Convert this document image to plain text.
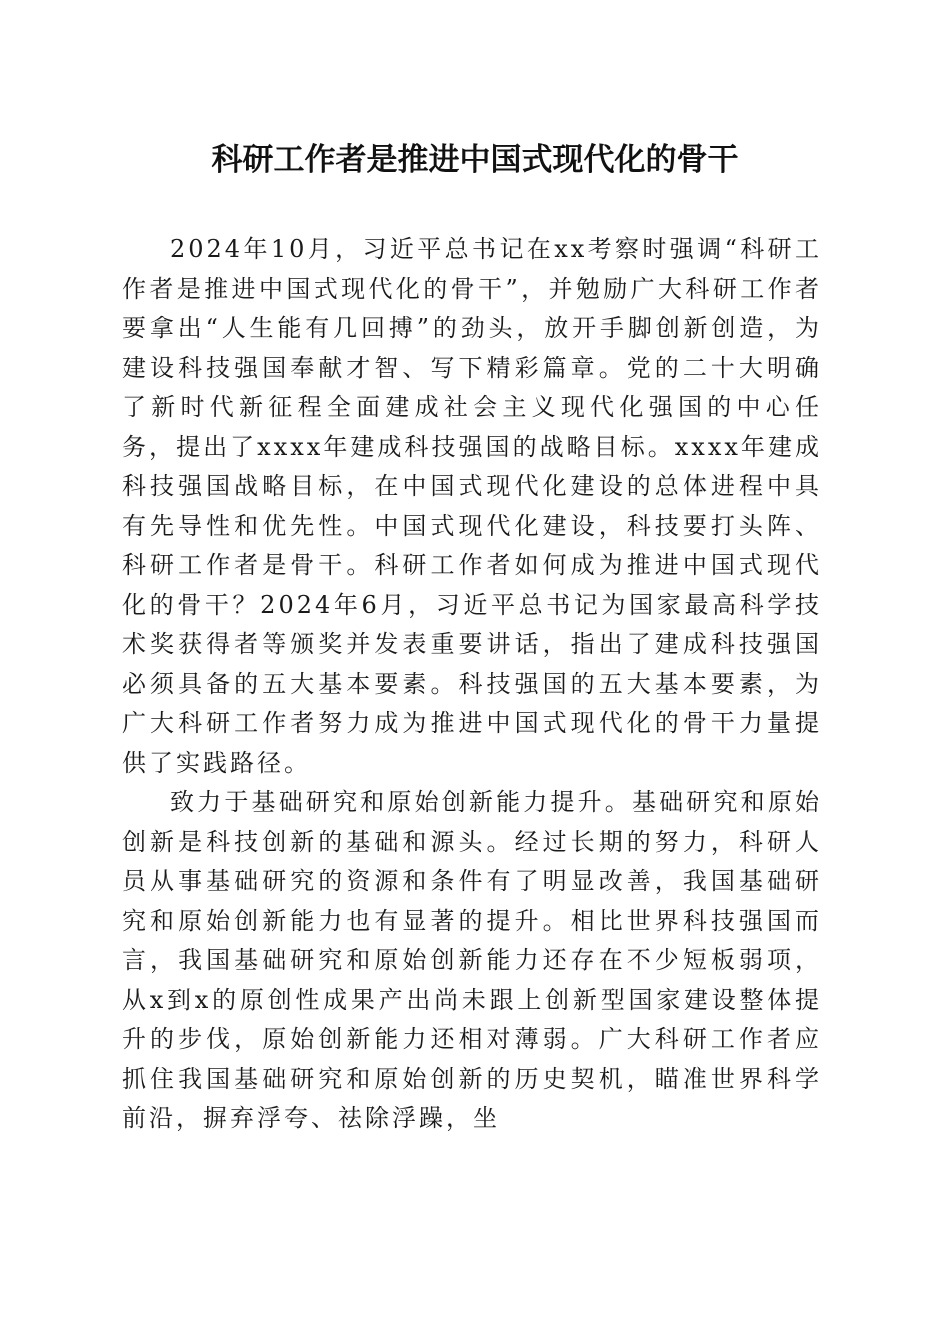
科研工作者是推进中国式现代化的骨干

2024年10月，习近平总书记在xx考察时强调“科研工作者是推进中国式现代化的骨干”，并勉励广大科研工作者要拿出“人生能有几回搏”的劲头，放开手脚创新创造，为建设科技强国奉献才智、写下精彩篇章。党的二十大明确了新时代新征程全面建成社会主义现代化强国的中心任务，提出了xxxx年建成科技强国的战略目标。xxxx年建成科技强国战略目标，在中国式现代化建设的总体进程中具有先导性和优先性。中国式现代化建设，科技要打头阵、科研工作者是骨干。科研工作者如何成为推进中国式现代化的骨干？2024年6月，习近平总书记为国家最高科学技术奖获得者等颁奖并发表重要讲话，指出了建成科技强国必须具备的五大基本要素。科技强国的五大基本要素，为广大科研工作者努力成为推进中国式现代化的骨干力量提供了实践路径。

致力于基础研究和原始创新能力提升。基础研究和原始创新是科技创新的基础和源头。经过长期的努力，科研人员从事基础研究的资源和条件有了明显改善，我国基础研究和原始创新能力也有显著的提升。相比世界科技强国而言，我国基础研究和原始创新能力还存在不少短板弱项，从x到x的原创性成果产出尚未跟上创新型国家建设整体提升的步伐，原始创新能力还相对薄弱。广大科研工作者应抓住我国基础研究和原始创新的历史契机，瞄准世界科学前沿，摒弃浮夸、祛除浮躁，坐
